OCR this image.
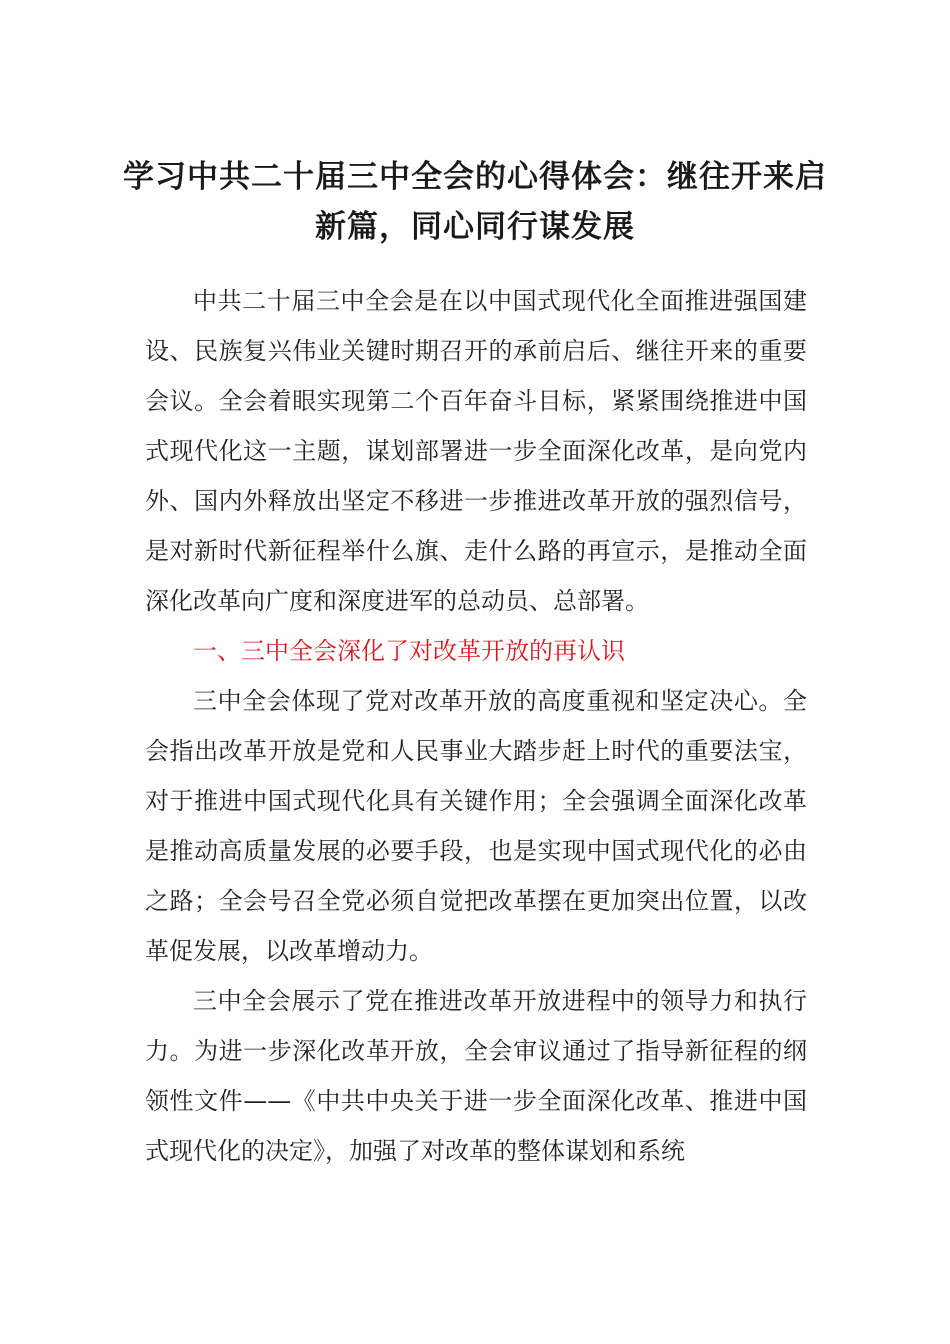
学习中共二十届三中全会的心得体会：继往开来启新篇，同心同行谋发展

中共二十届三中全会是在以中国式现代化全面推进强国建设、民族复兴伟业关键时期召开的承前启后、继往开来的重要会议。全会着眼实现第二个百年奋斗目标，紧紧围绕推进中国式现代化这一主题，谋划部署进一步全面深化改革，是向党内外、国内外释放出坚定不移进一步推进改革开放的强烈信号，是对新时代新征程举什么旗、走什么路的再宣示，是推动全面深化改革向广度和深度进军的总动员、总部署。

一、三中全会深化了对改革开放的再认识

三中全会体现了党对改革开放的高度重视和坚定决心。全会指出改革开放是党和人民事业大踏步赶上时代的重要法宝，对于推进中国式现代化具有关键作用；全会强调全面深化改革是推动高质量发展的必要手段，也是实现中国式现代化的必由之路；全会号召全党必须自觉把改革摆在更加突出位置，以改革促发展，以改革增动力。

三中全会展示了党在推进改革开放进程中的领导力和执行力。为进一步深化改革开放，全会审议通过了指导新征程的纲领性文件——《中共中央关于进一步全面深化改革、推进中国式现代化的决定》，加强了对改革的整体谋划和系统
